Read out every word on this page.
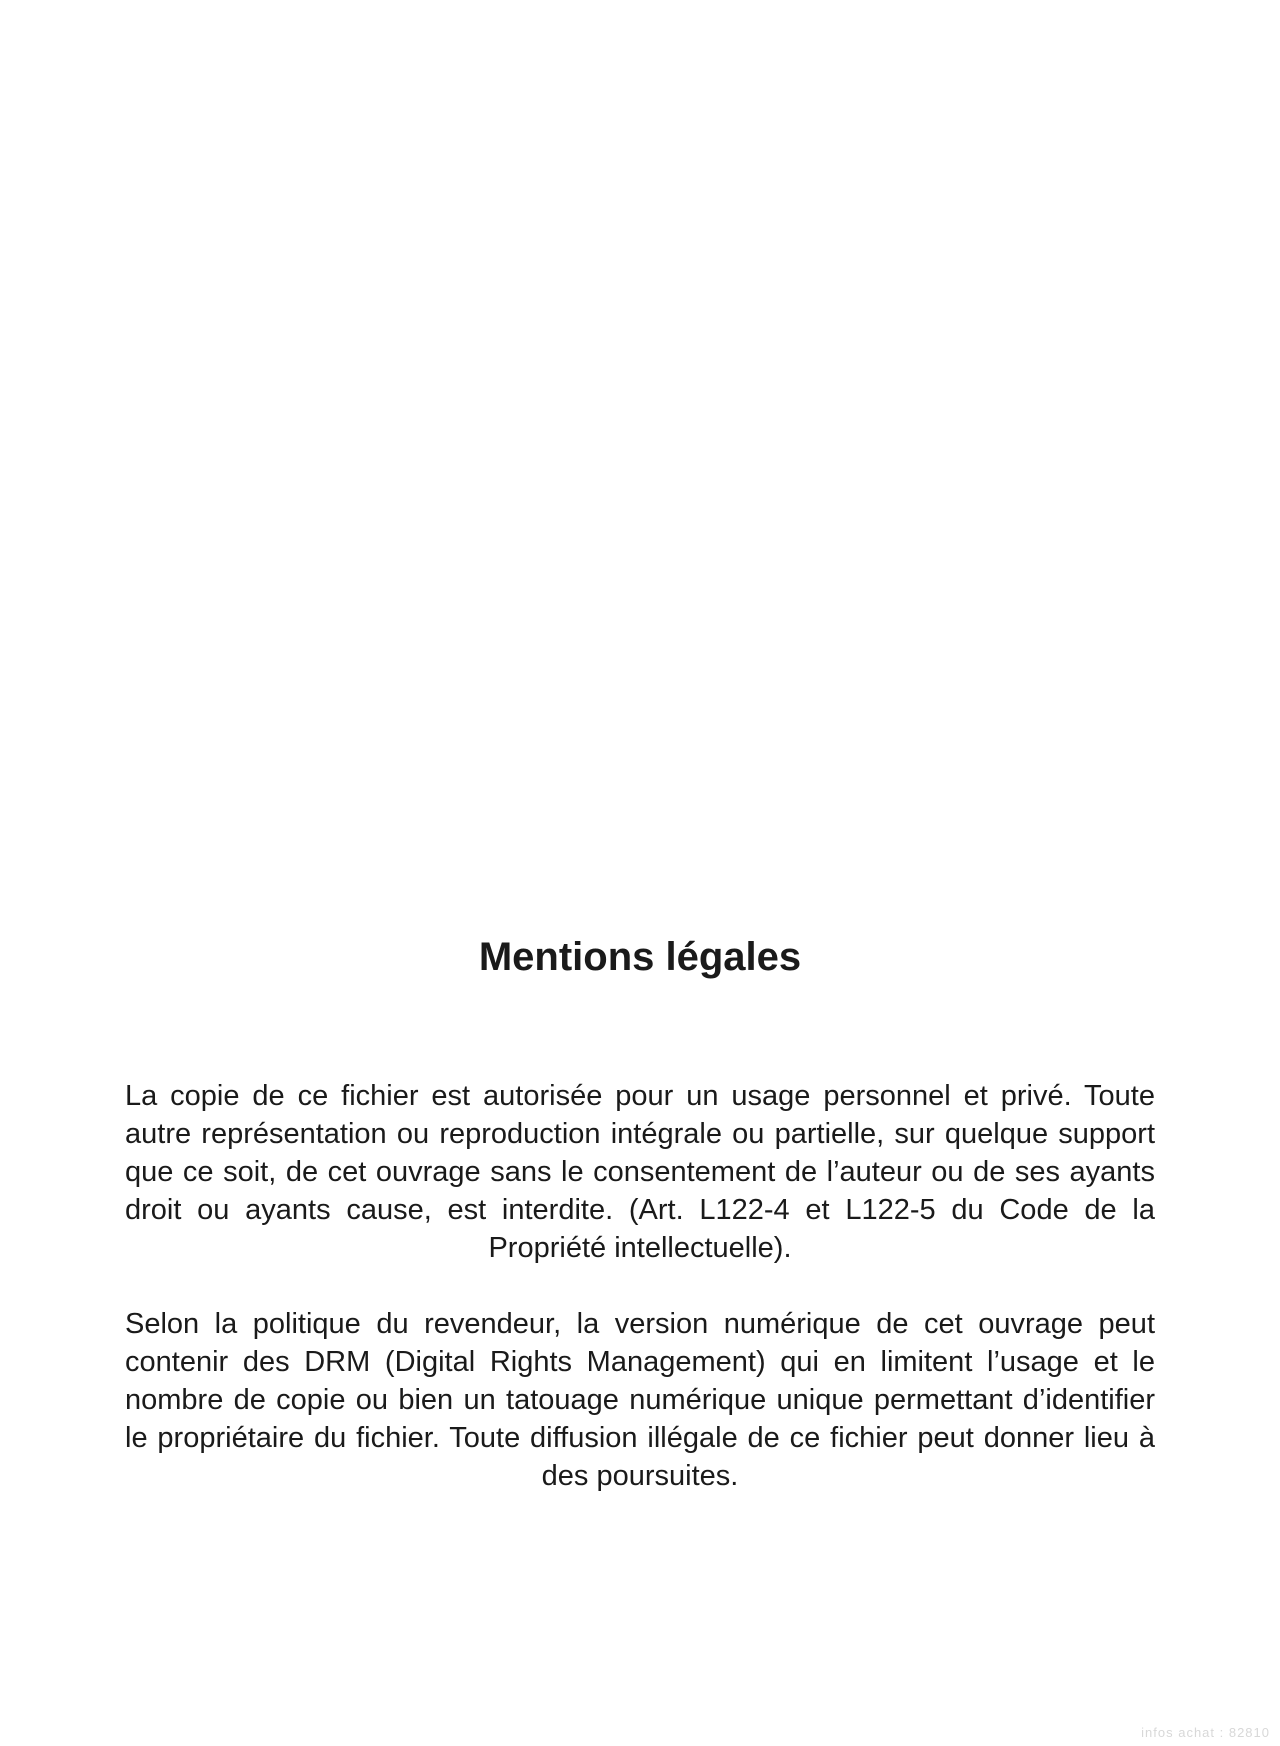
Mentions légales

La copie de ce fichier est autorisée pour un usage personnel et privé. Toute autre représentation ou reproduction intégrale ou partielle, sur quelque support que ce soit, de cet ouvrage sans le consentement de l’auteur ou de ses ayants droit ou ayants cause, est interdite. (Art. L122-4 et L122-5 du Code de la Propriété intellectuelle).

Selon la politique du revendeur, la version numérique de cet ouvrage peut contenir des DRM (Digital Rights Management) qui en limitent l’usage et le nombre de copie ou bien un tatouage numérique unique permettant d’identifier le propriétaire du fichier. Toute diffusion illégale de ce fichier peut donner lieu à des poursuites.

infos achat : 82810
